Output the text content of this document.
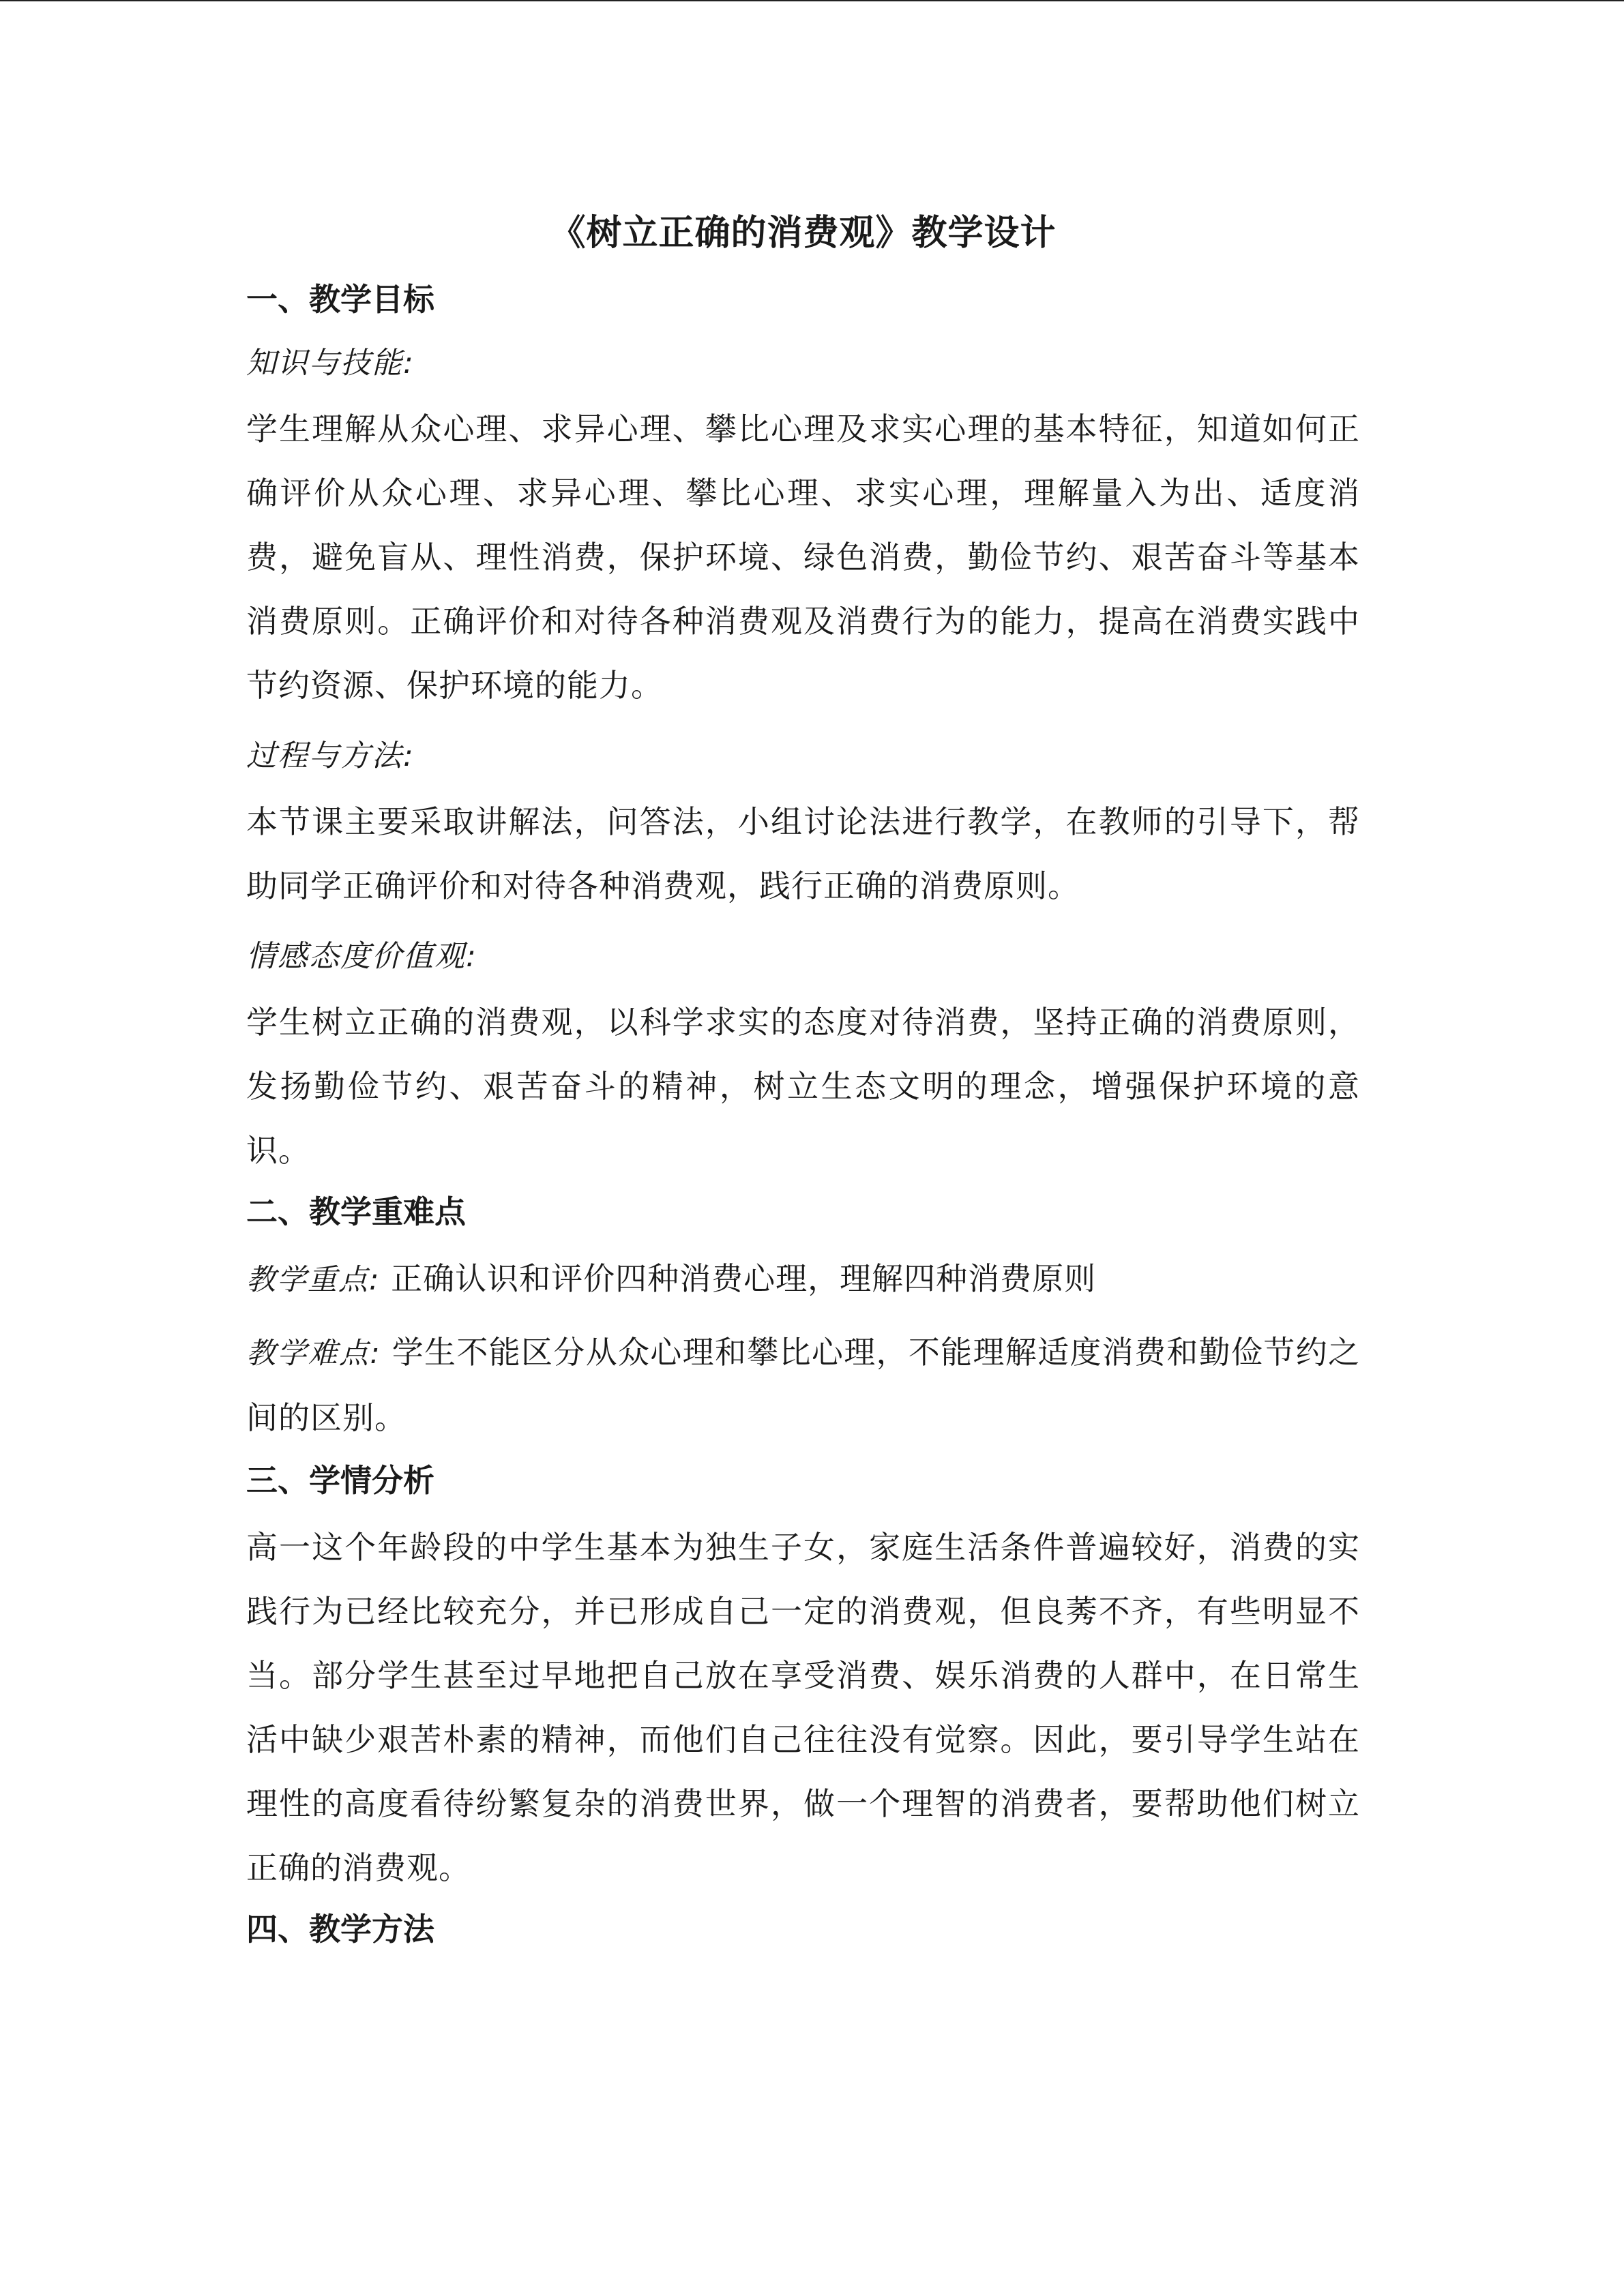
《树立正确的消费观》教学设计
一、教学目标
知识与技能:

学生理解从众心理、求异心理、攀比心理及求实心理的基本特征，知道如何正确评价从众心理、求异心理、攀比心理、求实心理，理解量入为出、适度消费，避免盲从、理性消费，保护环境、绿色消费，勤俭节约、艰苦奋斗等基本消费原则。正确评价和对待各种消费观及消费行为的能力，提高在消费实践中节约资源、保护环境的能力。

过程与方法:

本节课主要采取讲解法，问答法，小组讨论法进行教学，在教师的引导下，帮助同学正确评价和对待各种消费观，践行正确的消费原则。

情感态度价值观:

学生树立正确的消费观，以科学求实的态度对待消费，坚持正确的消费原则，发扬勤俭节约、艰苦奋斗的精神，树立生态文明的理念，增强保护环境的意识。

二、教学重难点

教学重点: 正确认识和评价四种消费心理，理解四种消费原则

教学难点: 学生不能区分从众心理和攀比心理，不能理解适度消费和勤俭节约之间的区别。

三、学情分析

高一这个年龄段的中学生基本为独生子女，家庭生活条件普遍较好，消费的实践行为已经比较充分，并已形成自己一定的消费观，但良莠不齐，有些明显不当。部分学生甚至过早地把自己放在享受消费、娱乐消费的人群中，在日常生活中缺少艰苦朴素的精神，而他们自己往往没有觉察。因此，要引导学生站在理性的高度看待纷繁复杂的消费世界，做一个理智的消费者，要帮助他们树立正确的消费观。

四、教学方法
